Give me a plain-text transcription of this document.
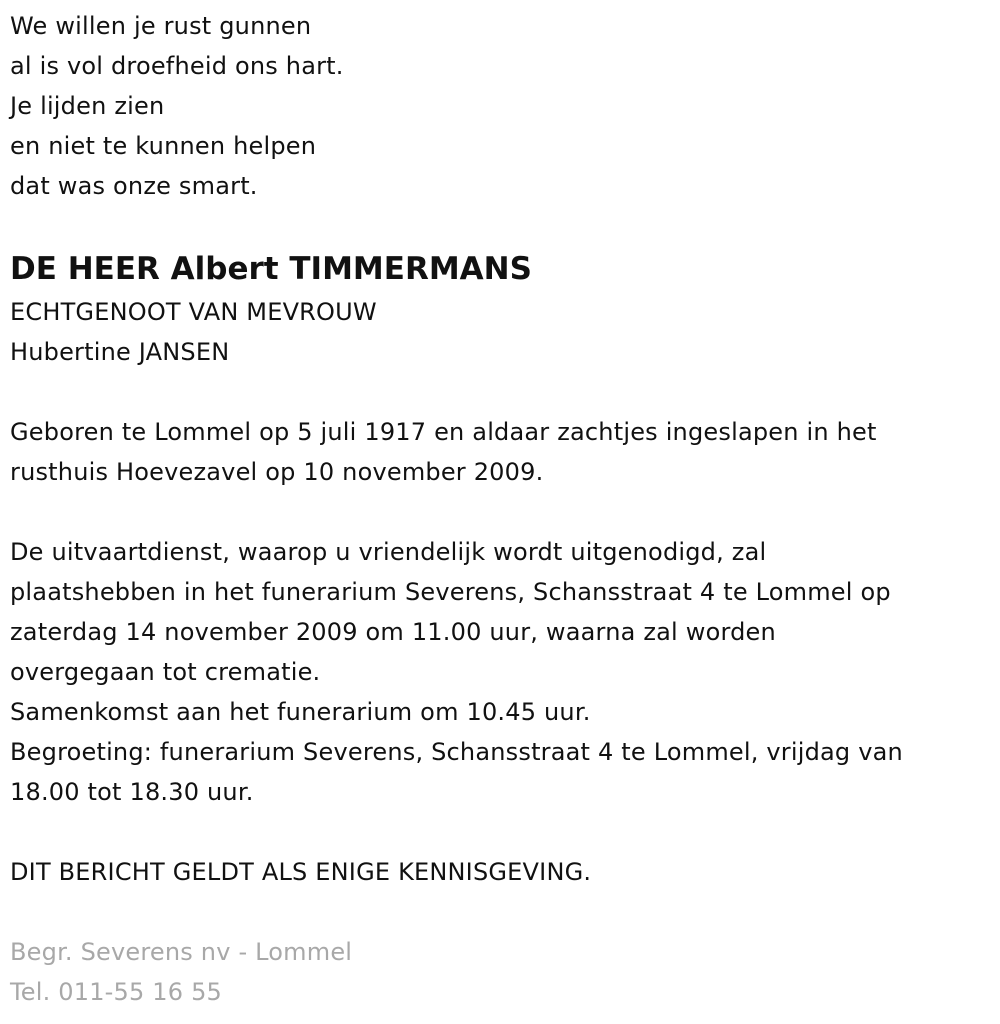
We willen je rust gunnen
al is vol droefheid ons hart.
Je lijden zien
en niet te kunnen helpen
dat was onze smart.
DE HEER Albert TIMMERMANS
ECHTGENOOT VAN MEVROUW
Hubertine JANSEN
Geboren te Lommel op 5 juli 1917 en aldaar zachtjes ingeslapen in het
rusthuis Hoevezavel op 10 november 2009.
De uitvaartdienst, waarop u vriendelijk wordt uitgenodigd, zal
plaatshebben in het funerarium Severens, Schansstraat 4 te Lommel op
zaterdag 14 november 2009 om 11.00 uur, waarna zal worden
overgegaan tot crematie.
Samenkomst aan het funerarium om 10.45 uur.
Begroeting: funerarium Severens, Schansstraat 4 te Lommel, vrijdag van
18.00 tot 18.30 uur.
DIT BERICHT GELDT ALS ENIGE KENNISGEVING.
Begr. Severens nv - Lommel
Tel. 011-55 16 55
